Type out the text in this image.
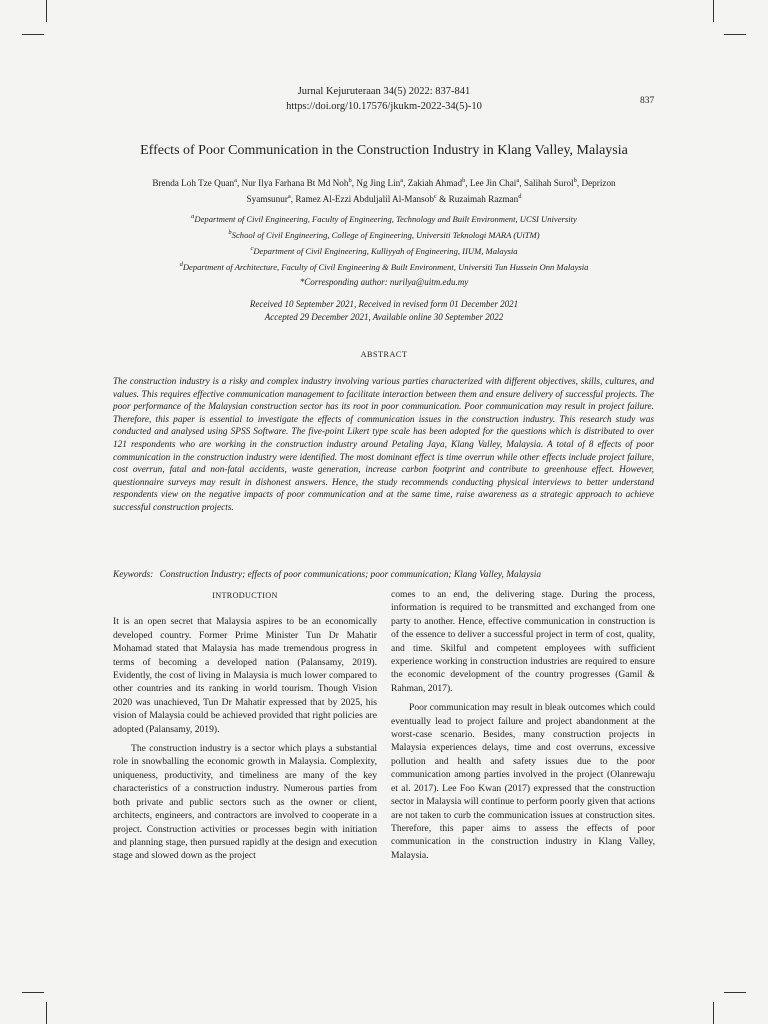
Jurnal Kejuruteraan 34(5) 2022: 837-841
https://doi.org/10.17576/jkukm-2022-34(5)-10	837
Effects of Poor Communication in the Construction Industry in Klang Valley, Malaysia
Brenda Loh Tze Quan$^a$, Nur Ilya Farhana Bt Md Noh$^b$, Ng Jing Lin$^a$, Zakiah Ahmad$^b$, Lee Jin Chai$^a$, Salihah Surol$^b$, Deprizon
Syamsunur$^a$, Ramez Al-Ezzi Abduljalil Al-Mansob$^c$ & Ruzaimah Razman$^d$
$^a$Department of Civil Engineering, Faculty of Engineering, Technology and Built Environment, UCSI University
$^b$School of Civil Engineering, College of Engineering, Universiti Teknologi MARA (UiTM)
$^c$Department of Civil Engineering, Kulliyyah of Engineering, IIUM, Malaysia
$^d$Department of Architecture, Faculty of Civil Engineering & Built Environment, Universiti Tun Hussein Onn Malaysia
*Corresponding author: nurilya@uitm.edu.my
Received 10 September 2021, Received in revised form 01 December 2021
Accepted 29 December 2021, Available online 30 September 2022
ABSTRACT
The construction industry is a risky and complex industry involving various parties characterized with different objectives, skills, cultures, and values. This requires effective communication management to facilitate interaction between them and ensure delivery of successful projects. The poor performance of the Malaysian construction sector has its root in poor communication. Poor communication may result in project failure. Therefore, this paper is essential to investigate the effects of communication issues in the construction industry. This research study was conducted and analysed using SPSS Software. The five-point Likert type scale has been adopted for the questions which is distributed to over 121 respondents who are working in the construction industry around Petaling Jaya, Klang Valley, Malaysia. A total of 8 effects of poor communication in the construction industry were identified. The most dominant effect is time overrun while other effects include project failure, cost overrun, fatal and non-fatal accidents, waste generation, increase carbon footprint and contribute to greenhouse effect. However, questionnaire surveys may result in dishonest answers. Hence, the study recommends conducting physical interviews to better understand respondents view on the negative impacts of poor communication and at the same time, raise awareness as a strategic approach to achieve successful construction projects.
Keywords: Construction Industry; effects of poor communications; poor communication; Klang Valley, Malaysia
INTRODUCTION

It is an open secret that Malaysia aspires to be an economically developed country. Former Prime Minister Tun Dr Mahatir Mohamad stated that Malaysia has made tremendous progress in terms of becoming a developed nation (Palansamy, 2019). Evidently, the cost of living in Malaysia is much lower compared to other countries and its ranking in world tourism. Though Vision 2020 was unachieved, Tun Dr Mahatir expressed that by 2025, his vision of Malaysia could be achieved provided that right policies are adopted (Palansamy, 2019).

The construction industry is a sector which plays a substantial role in snowballing the economic growth in Malaysia. Complexity, uniqueness, productivity, and timeliness are many of the key characteristics of a construction industry. Numerous parties from both private and public sectors such as the owner or client, architects, engineers, and contractors are involved to cooperate in a project. Construction activities or processes begin with initiation and planning stage, then pursued rapidly at the design and execution stage and slowed down as the project

comes to an end, the delivering stage. During the process, information is required to be transmitted and exchanged from one party to another. Hence, effective communication in construction is of the essence to deliver a successful project in term of cost, quality, and time. Skilful and competent employees with sufficient experience working in construction industries are required to ensure the economic development of the country progresses (Gamil & Rahman, 2017).

Poor communication may result in bleak outcomes which could eventually lead to project failure and project abandonment at the worst-case scenario. Besides, many construction projects in Malaysia experiences delays, time and cost overruns, excessive pollution and health and safety issues due to the poor communication among parties involved in the project (Olanrewaju et al. 2017). Lee Foo Kwan (2017) expressed that the construction sector in Malaysia will continue to perform poorly given that actions are not taken to curb the communication issues at construction sites. Therefore, this paper aims to assess the effects of poor communication in the construction industry in Klang Valley, Malaysia.
